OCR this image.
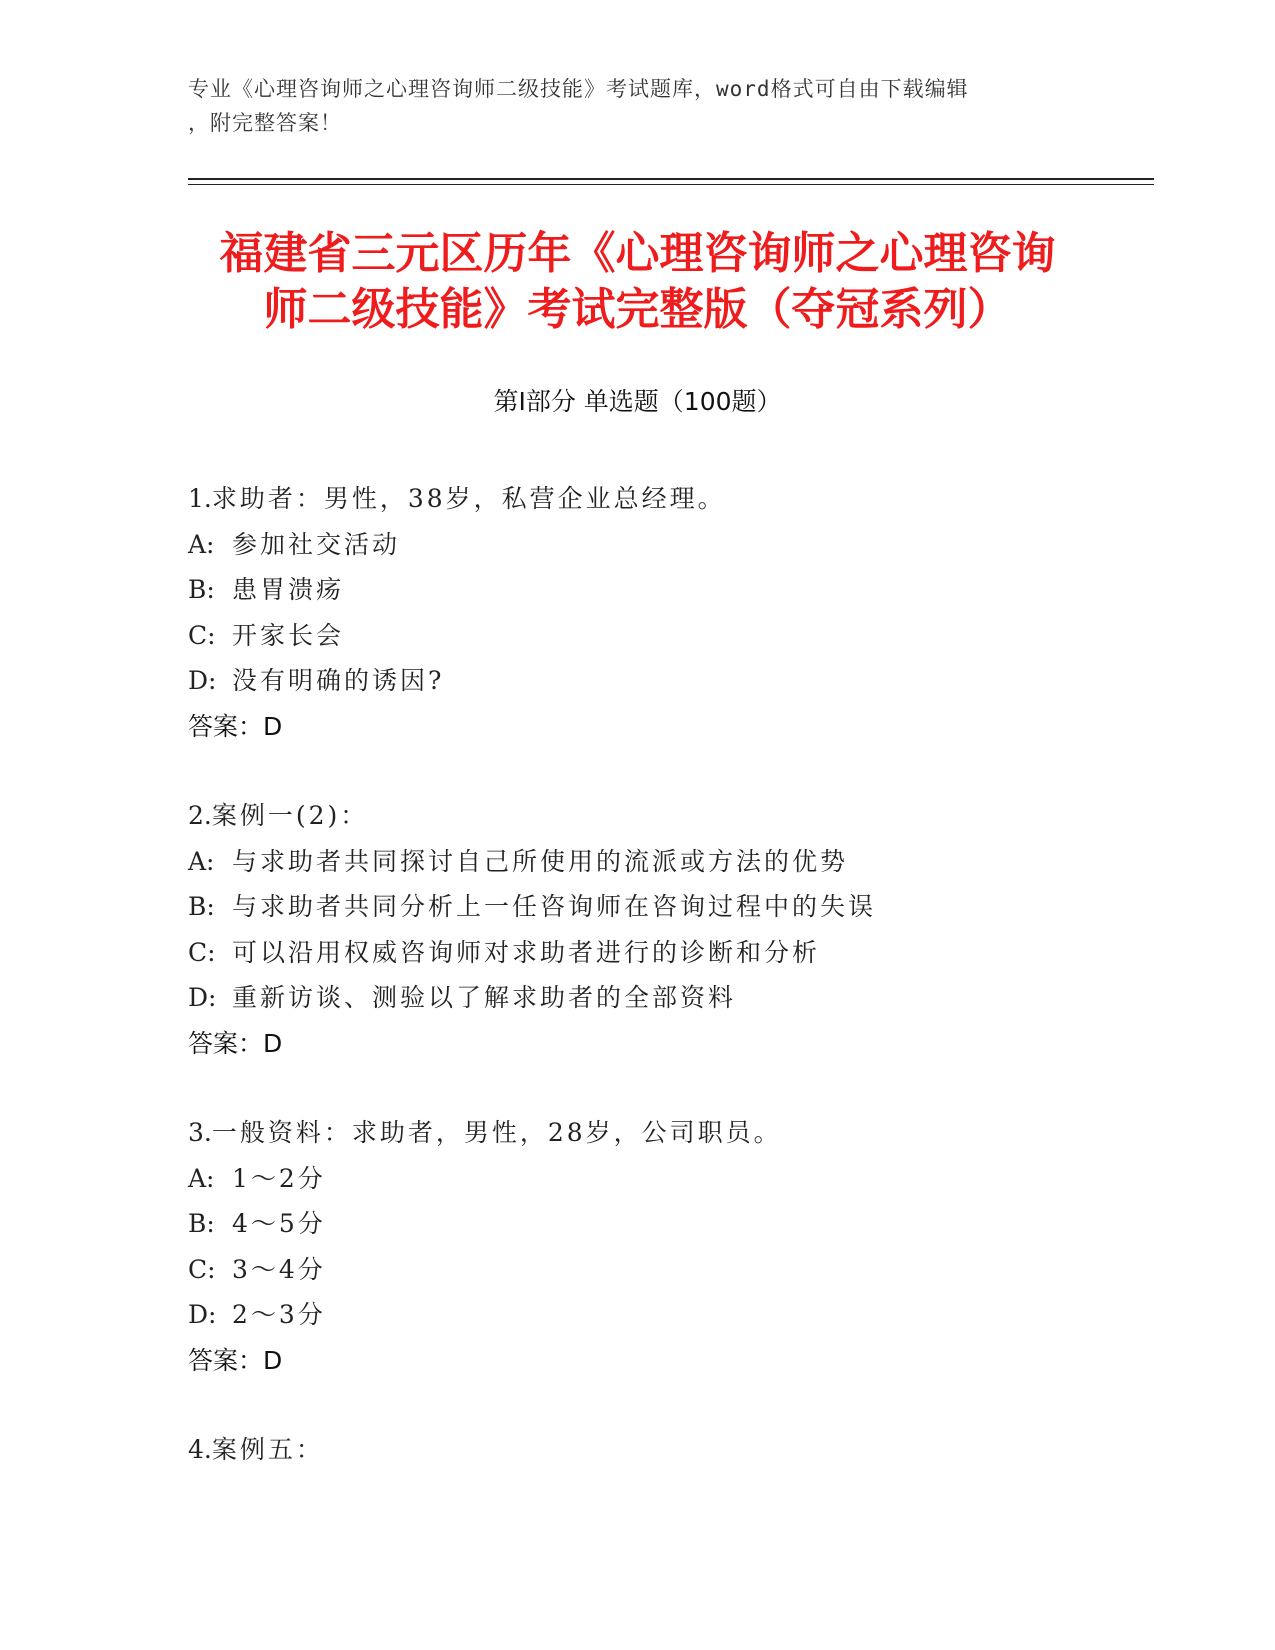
专业《心理咨询师之心理咨询师二级技能》考试题库，word格式可自由下载编辑
，附完整答案！
福建省三元区历年《心理咨询师之心理咨询
师二级技能》考试完整版（夺冠系列）
第Ⅰ部分 单选题（100题）
1.求助者：男性，38岁，私营企业总经理。
A: 参加社交活动
B: 患胃溃疡
C: 开家长会
D: 没有明确的诱因?
答案：D
2.案例一(2)：
A: 与求助者共同探讨自己所使用的流派或方法的优势
B: 与求助者共同分析上一任咨询师在咨询过程中的失误
C: 可以沿用权威咨询师对求助者进行的诊断和分析
D: 重新访谈、测验以了解求助者的全部资料
答案：D
3.一般资料：求助者，男性，28岁，公司职员。
A: 1～2分
B: 4～5分
C: 3～4分
D: 2～3分
答案：D
4.案例五：
